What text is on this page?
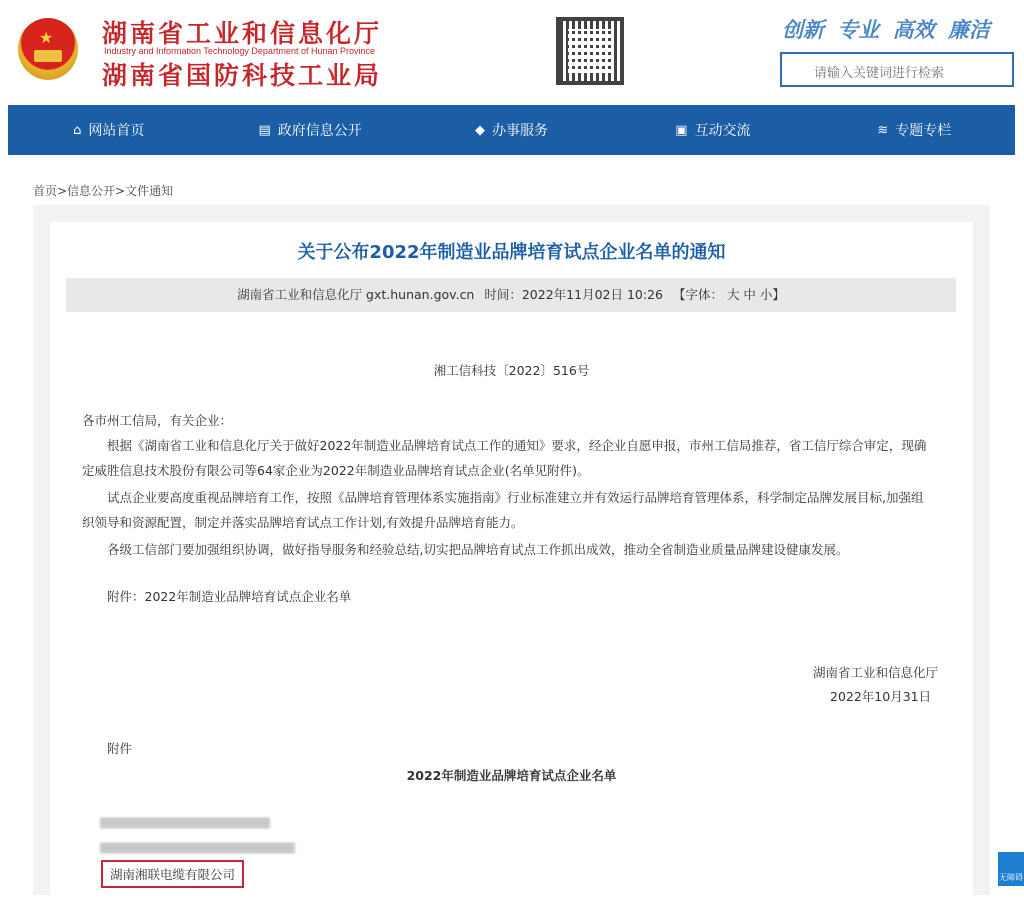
★ 湖南省工业和信息化厅
Industry and Information Technology Department of Hunan Province
湖南省国防科技工业局
创新 专业 高效 廉洁
请输入关键词进行检索
⌂ 网站首页	▤ 政府信息公开	◆ 办事服务	▣ 互动交流	≋ 专题专栏
首页>信息公开>文件通知
关于公布2022年制造业品牌培育试点企业名单的通知
湖南省工业和信息化厅 gxt.hunan.gov.cn 时间：2022年11月02日 10:26 【字体： 大 中 小】
湘工信科技〔2022〕516号
各市州工信局，有关企业：
根据《湖南省工业和信息化厅关于做好2022年制造业品牌培育试点工作的通知》要求，经企业自愿申报，市州工信局推荐，省工信厅综合审定，现确
定威胜信息技术股份有限公司等64家企业为2022年制造业品牌培育试点企业(名单见附件)。
试点企业要高度重视品牌培育工作，按照《品牌培育管理体系实施指南》行业标准建立并有效运行品牌培育管理体系，科学制定品牌发展目标,加强组
织领导和资源配置，制定并落实品牌培育试点工作计划,有效提升品牌培育能力。
各级工信部门要加强组织协调，做好指导服务和经验总结,切实把品牌培育试点工作抓出成效，推动全省制造业质量品牌建设健康发展。
附件：2022年制造业品牌培育试点企业名单
湖南省工业和信息化厅
2022年10月31日
附件
2022年制造业品牌培育试点企业名单
湖南湘联电缆有限公司	无障碍
